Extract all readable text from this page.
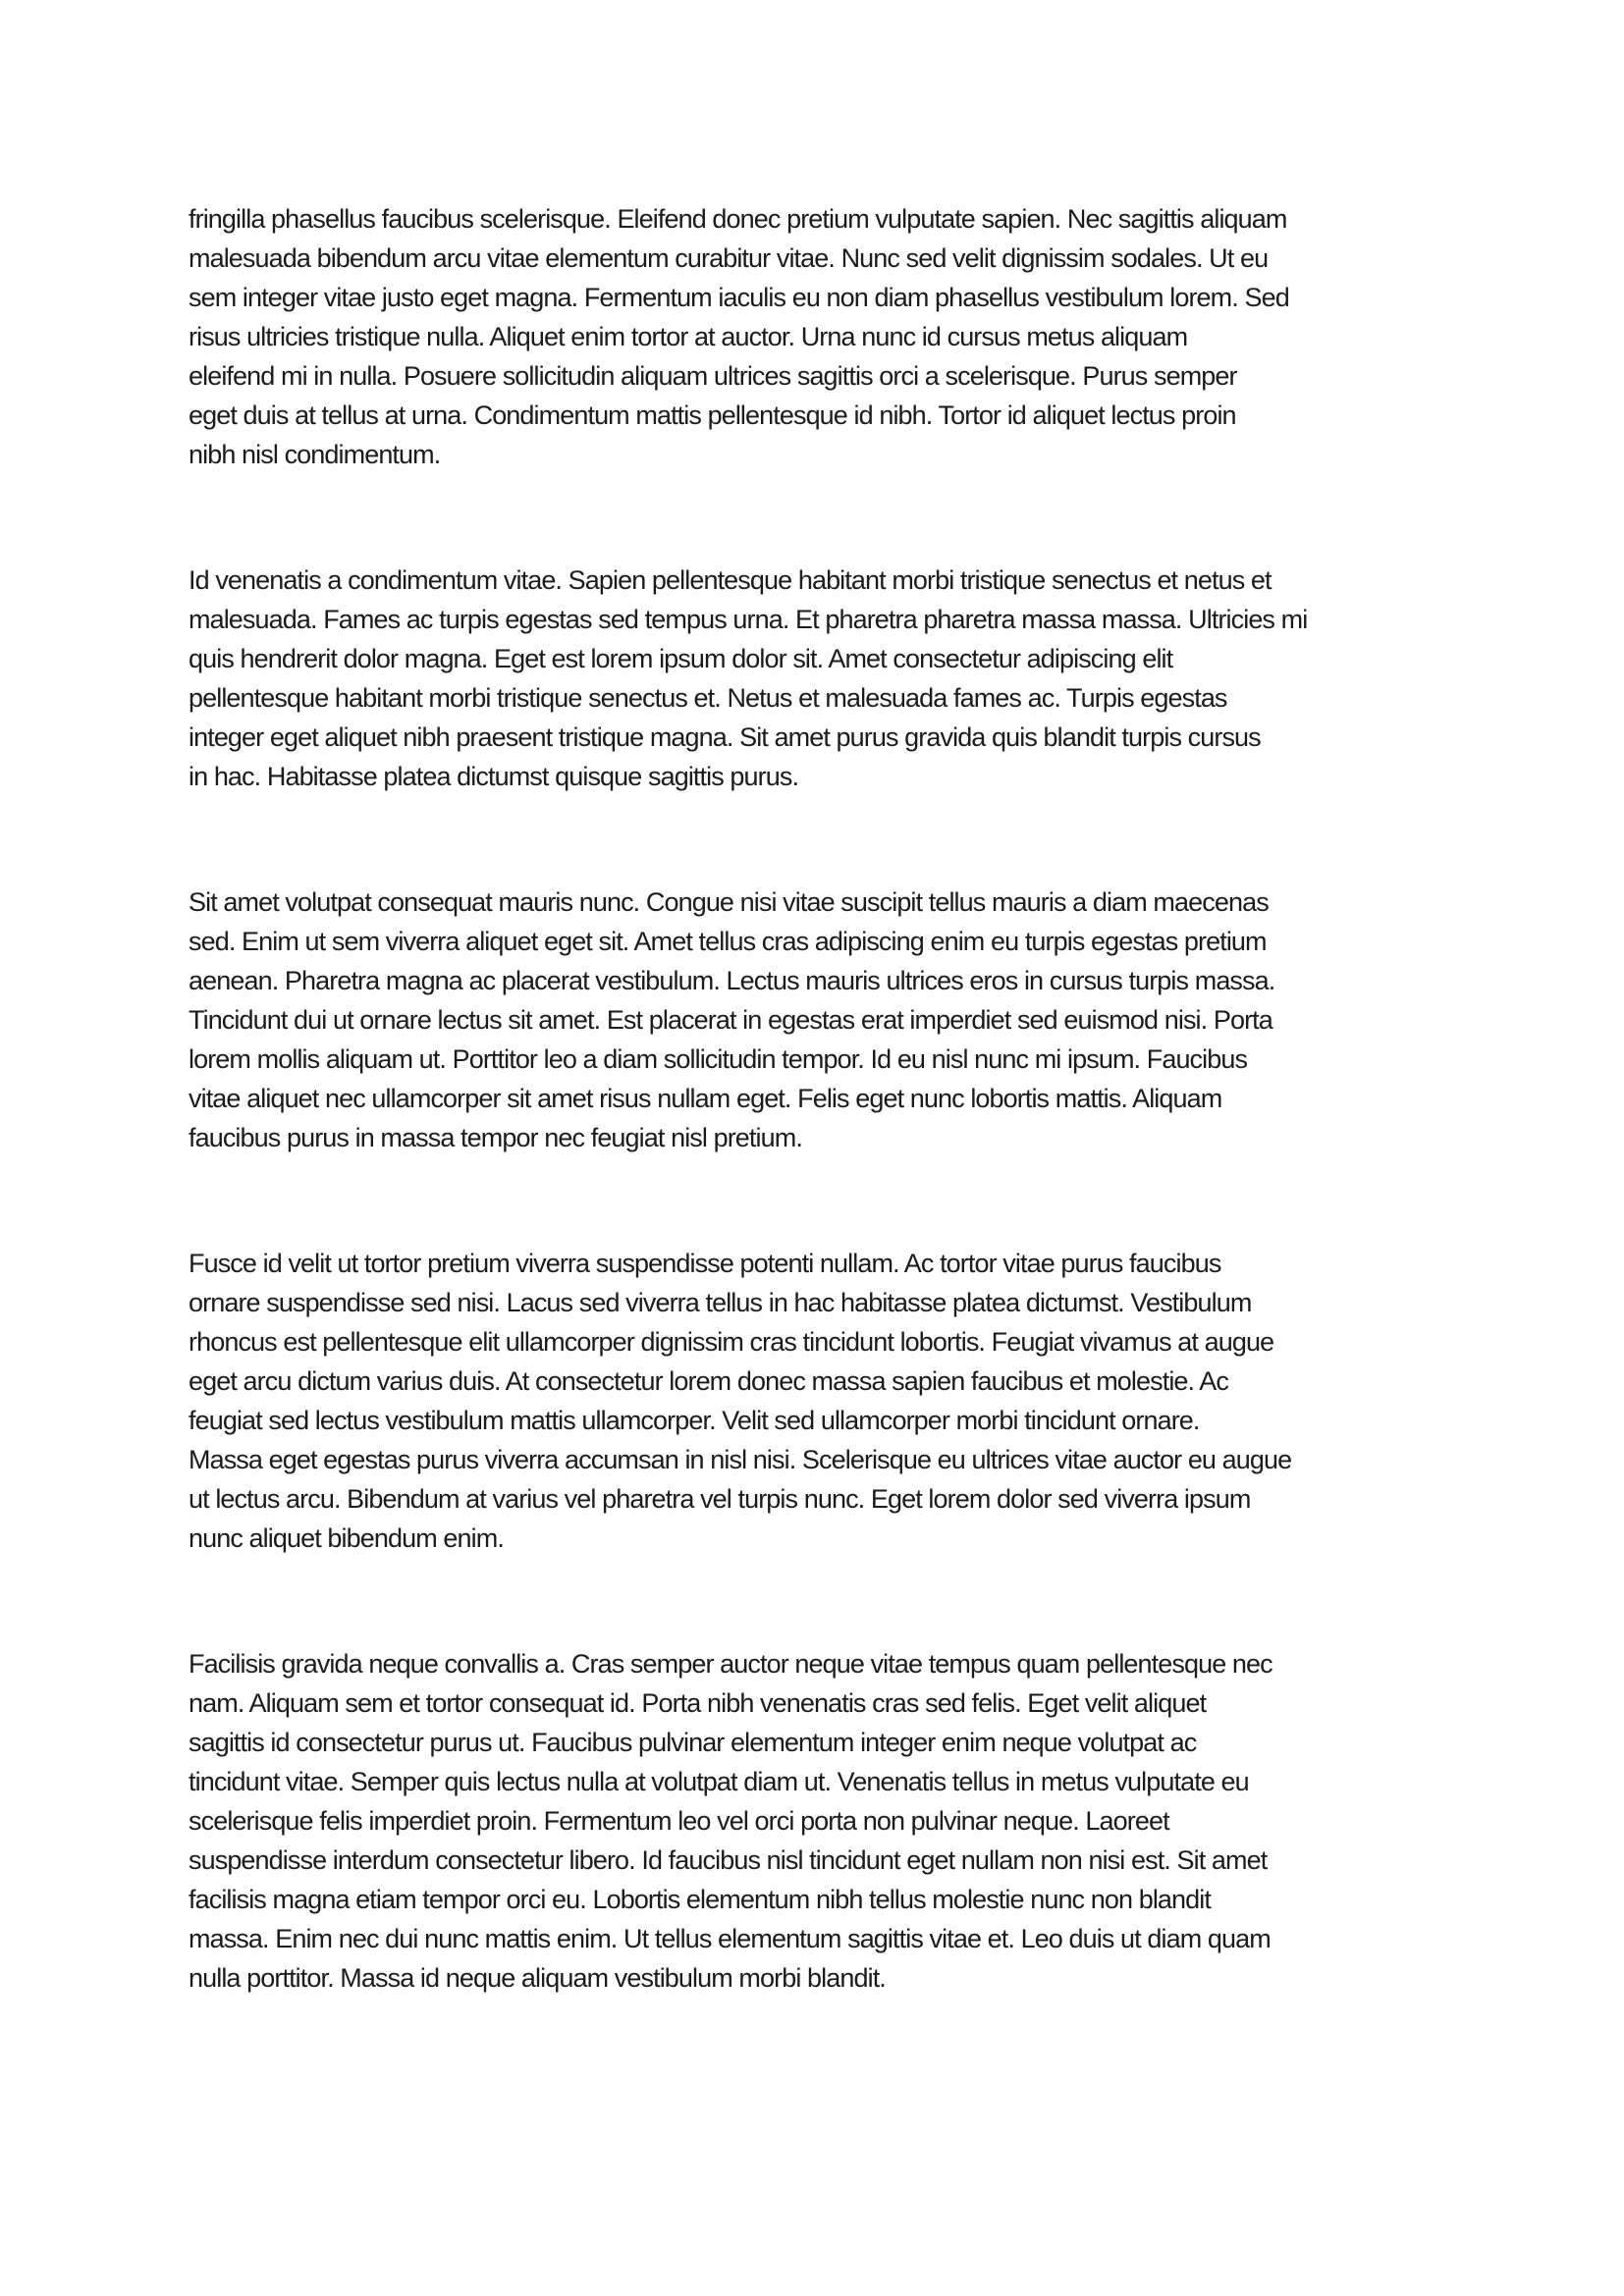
fringilla phasellus faucibus scelerisque. Eleifend donec pretium vulputate sapien. Nec sagittis aliquam
malesuada bibendum arcu vitae elementum curabitur vitae. Nunc sed velit dignissim sodales. Ut eu
sem integer vitae justo eget magna. Fermentum iaculis eu non diam phasellus vestibulum lorem. Sed
risus ultricies tristique nulla. Aliquet enim tortor at auctor. Urna nunc id cursus metus aliquam
eleifend mi in nulla. Posuere sollicitudin aliquam ultrices sagittis orci a scelerisque. Purus semper
eget duis at tellus at urna. Condimentum mattis pellentesque id nibh. Tortor id aliquet lectus proin
nibh nisl condimentum.
Id venenatis a condimentum vitae. Sapien pellentesque habitant morbi tristique senectus et netus et
malesuada. Fames ac turpis egestas sed tempus urna. Et pharetra pharetra massa massa. Ultricies mi
quis hendrerit dolor magna. Eget est lorem ipsum dolor sit. Amet consectetur adipiscing elit
pellentesque habitant morbi tristique senectus et. Netus et malesuada fames ac. Turpis egestas
integer eget aliquet nibh praesent tristique magna. Sit amet purus gravida quis blandit turpis cursus
in hac. Habitasse platea dictumst quisque sagittis purus.
Sit amet volutpat consequat mauris nunc. Congue nisi vitae suscipit tellus mauris a diam maecenas
sed. Enim ut sem viverra aliquet eget sit. Amet tellus cras adipiscing enim eu turpis egestas pretium
aenean. Pharetra magna ac placerat vestibulum. Lectus mauris ultrices eros in cursus turpis massa.
Tincidunt dui ut ornare lectus sit amet. Est placerat in egestas erat imperdiet sed euismod nisi. Porta
lorem mollis aliquam ut. Porttitor leo a diam sollicitudin tempor. Id eu nisl nunc mi ipsum. Faucibus
vitae aliquet nec ullamcorper sit amet risus nullam eget. Felis eget nunc lobortis mattis. Aliquam
faucibus purus in massa tempor nec feugiat nisl pretium.
Fusce id velit ut tortor pretium viverra suspendisse potenti nullam. Ac tortor vitae purus faucibus
ornare suspendisse sed nisi. Lacus sed viverra tellus in hac habitasse platea dictumst. Vestibulum
rhoncus est pellentesque elit ullamcorper dignissim cras tincidunt lobortis. Feugiat vivamus at augue
eget arcu dictum varius duis. At consectetur lorem donec massa sapien faucibus et molestie. Ac
feugiat sed lectus vestibulum mattis ullamcorper. Velit sed ullamcorper morbi tincidunt ornare.
Massa eget egestas purus viverra accumsan in nisl nisi. Scelerisque eu ultrices vitae auctor eu augue
ut lectus arcu. Bibendum at varius vel pharetra vel turpis nunc. Eget lorem dolor sed viverra ipsum
nunc aliquet bibendum enim.
Facilisis gravida neque convallis a. Cras semper auctor neque vitae tempus quam pellentesque nec
nam. Aliquam sem et tortor consequat id. Porta nibh venenatis cras sed felis. Eget velit aliquet
sagittis id consectetur purus ut. Faucibus pulvinar elementum integer enim neque volutpat ac
tincidunt vitae. Semper quis lectus nulla at volutpat diam ut. Venenatis tellus in metus vulputate eu
scelerisque felis imperdiet proin. Fermentum leo vel orci porta non pulvinar neque. Laoreet
suspendisse interdum consectetur libero. Id faucibus nisl tincidunt eget nullam non nisi est. Sit amet
facilisis magna etiam tempor orci eu. Lobortis elementum nibh tellus molestie nunc non blandit
massa. Enim nec dui nunc mattis enim. Ut tellus elementum sagittis vitae et. Leo duis ut diam quam
nulla porttitor. Massa id neque aliquam vestibulum morbi blandit.
